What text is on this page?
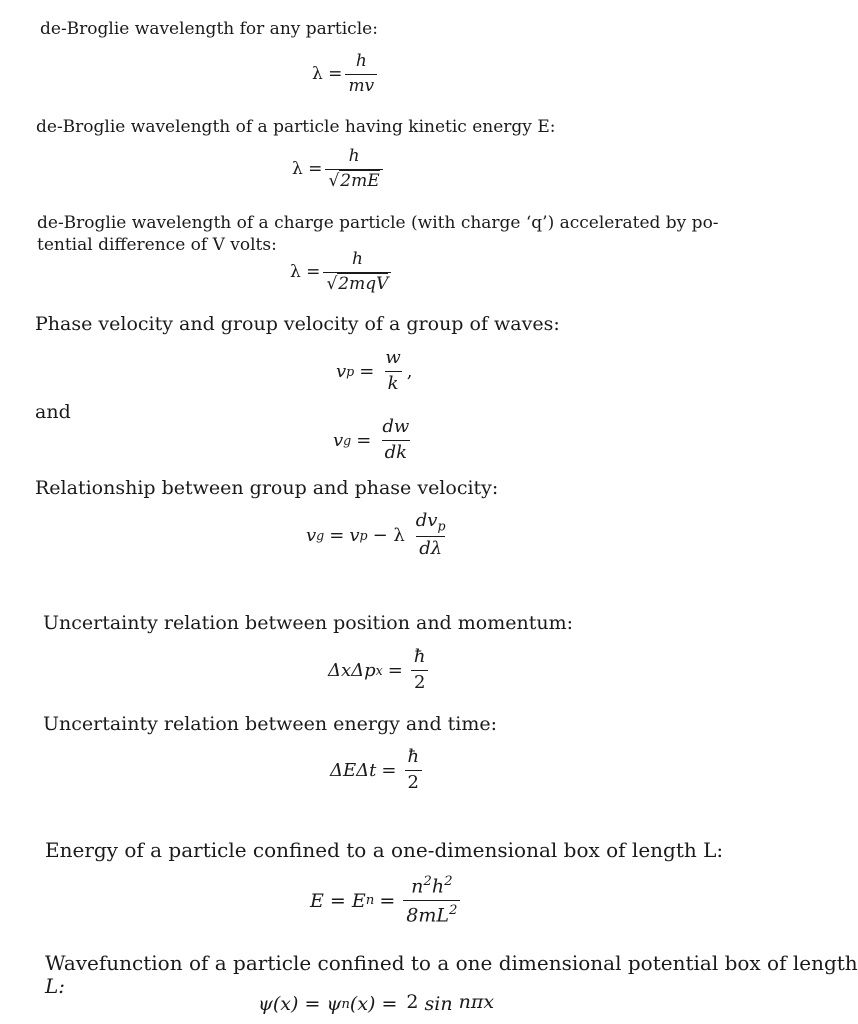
de-Broglie wavelength for any particle:

$\lambda = \frac{h}{mv}$

de-Broglie wavelength of a particle having kinetic energy E:

$\lambda = \frac{h}{√2mE}$

de-Broglie wavelength of a charge particle (with charge ‘q’) accelerated by po-

tential difference of V volts:

$\lambda = \frac{h}{\text{√2mqV}}$

Phase velocity and group velocity of a group of waves:

v $p = \frac{w}{k}$ ,

and

v $g = \frac{dw}{dk}$

Relationship between group and phase velocity:

v g = v p − λ $\frac{dv_p}{d\lambda}$

Uncertainty relation between position and momentum:

ΔxΔp $x = \frac{ħ}{2}$

Uncertainty relation between energy and time:

$\Delta E\Delta t = \frac{ħ}{2}$

Energy of a particle confined to a one-dimensional box of length L:

E = E $n = \frac{n^2h^2}{8mL^2}$

Wavefunction of a particle confined to a one dimensional potential box of length

L:

ψ(x) = ψ n (x) = 2 sin nπx
